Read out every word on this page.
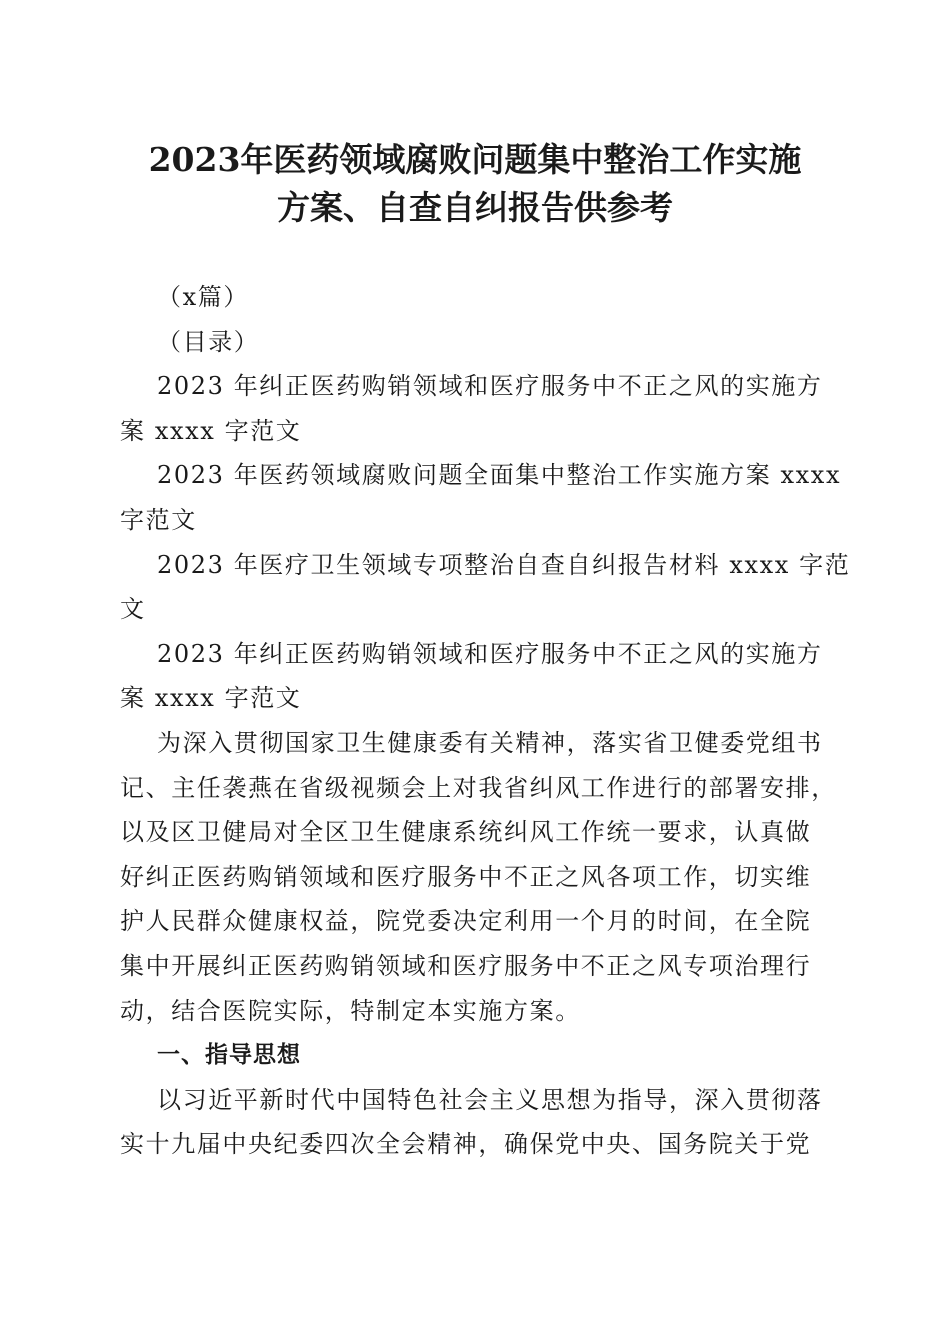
2023年医药领域腐败问题集中整治工作实施
方案、自查自纠报告供参考
（x篇）
（目录）
2023 年纠正医药购销领域和医疗服务中不正之风的实施方
案 xxxx 字范文
2023 年医药领域腐败问题全面集中整治工作实施方案 xxxx
字范文
2023 年医疗卫生领域专项整治自查自纠报告材料 xxxx 字范
文
2023 年纠正医药购销领域和医疗服务中不正之风的实施方
案 xxxx 字范文
为深入贯彻国家卫生健康委有关精神，落实省卫健委党组书
记、主任袭燕在省级视频会上对我省纠风工作进行的部署安排，
以及区卫健局对全区卫生健康系统纠风工作统一要求，认真做
好纠正医药购销领域和医疗服务中不正之风各项工作，切实维
护人民群众健康权益，院党委决定利用一个月的时间，在全院
集中开展纠正医药购销领域和医疗服务中不正之风专项治理行
动，结合医院实际，特制定本实施方案。
一、指导思想
以习近平新时代中国特色社会主义思想为指导，深入贯彻落
实十九届中央纪委四次全会精神，确保党中央、国务院关于党
